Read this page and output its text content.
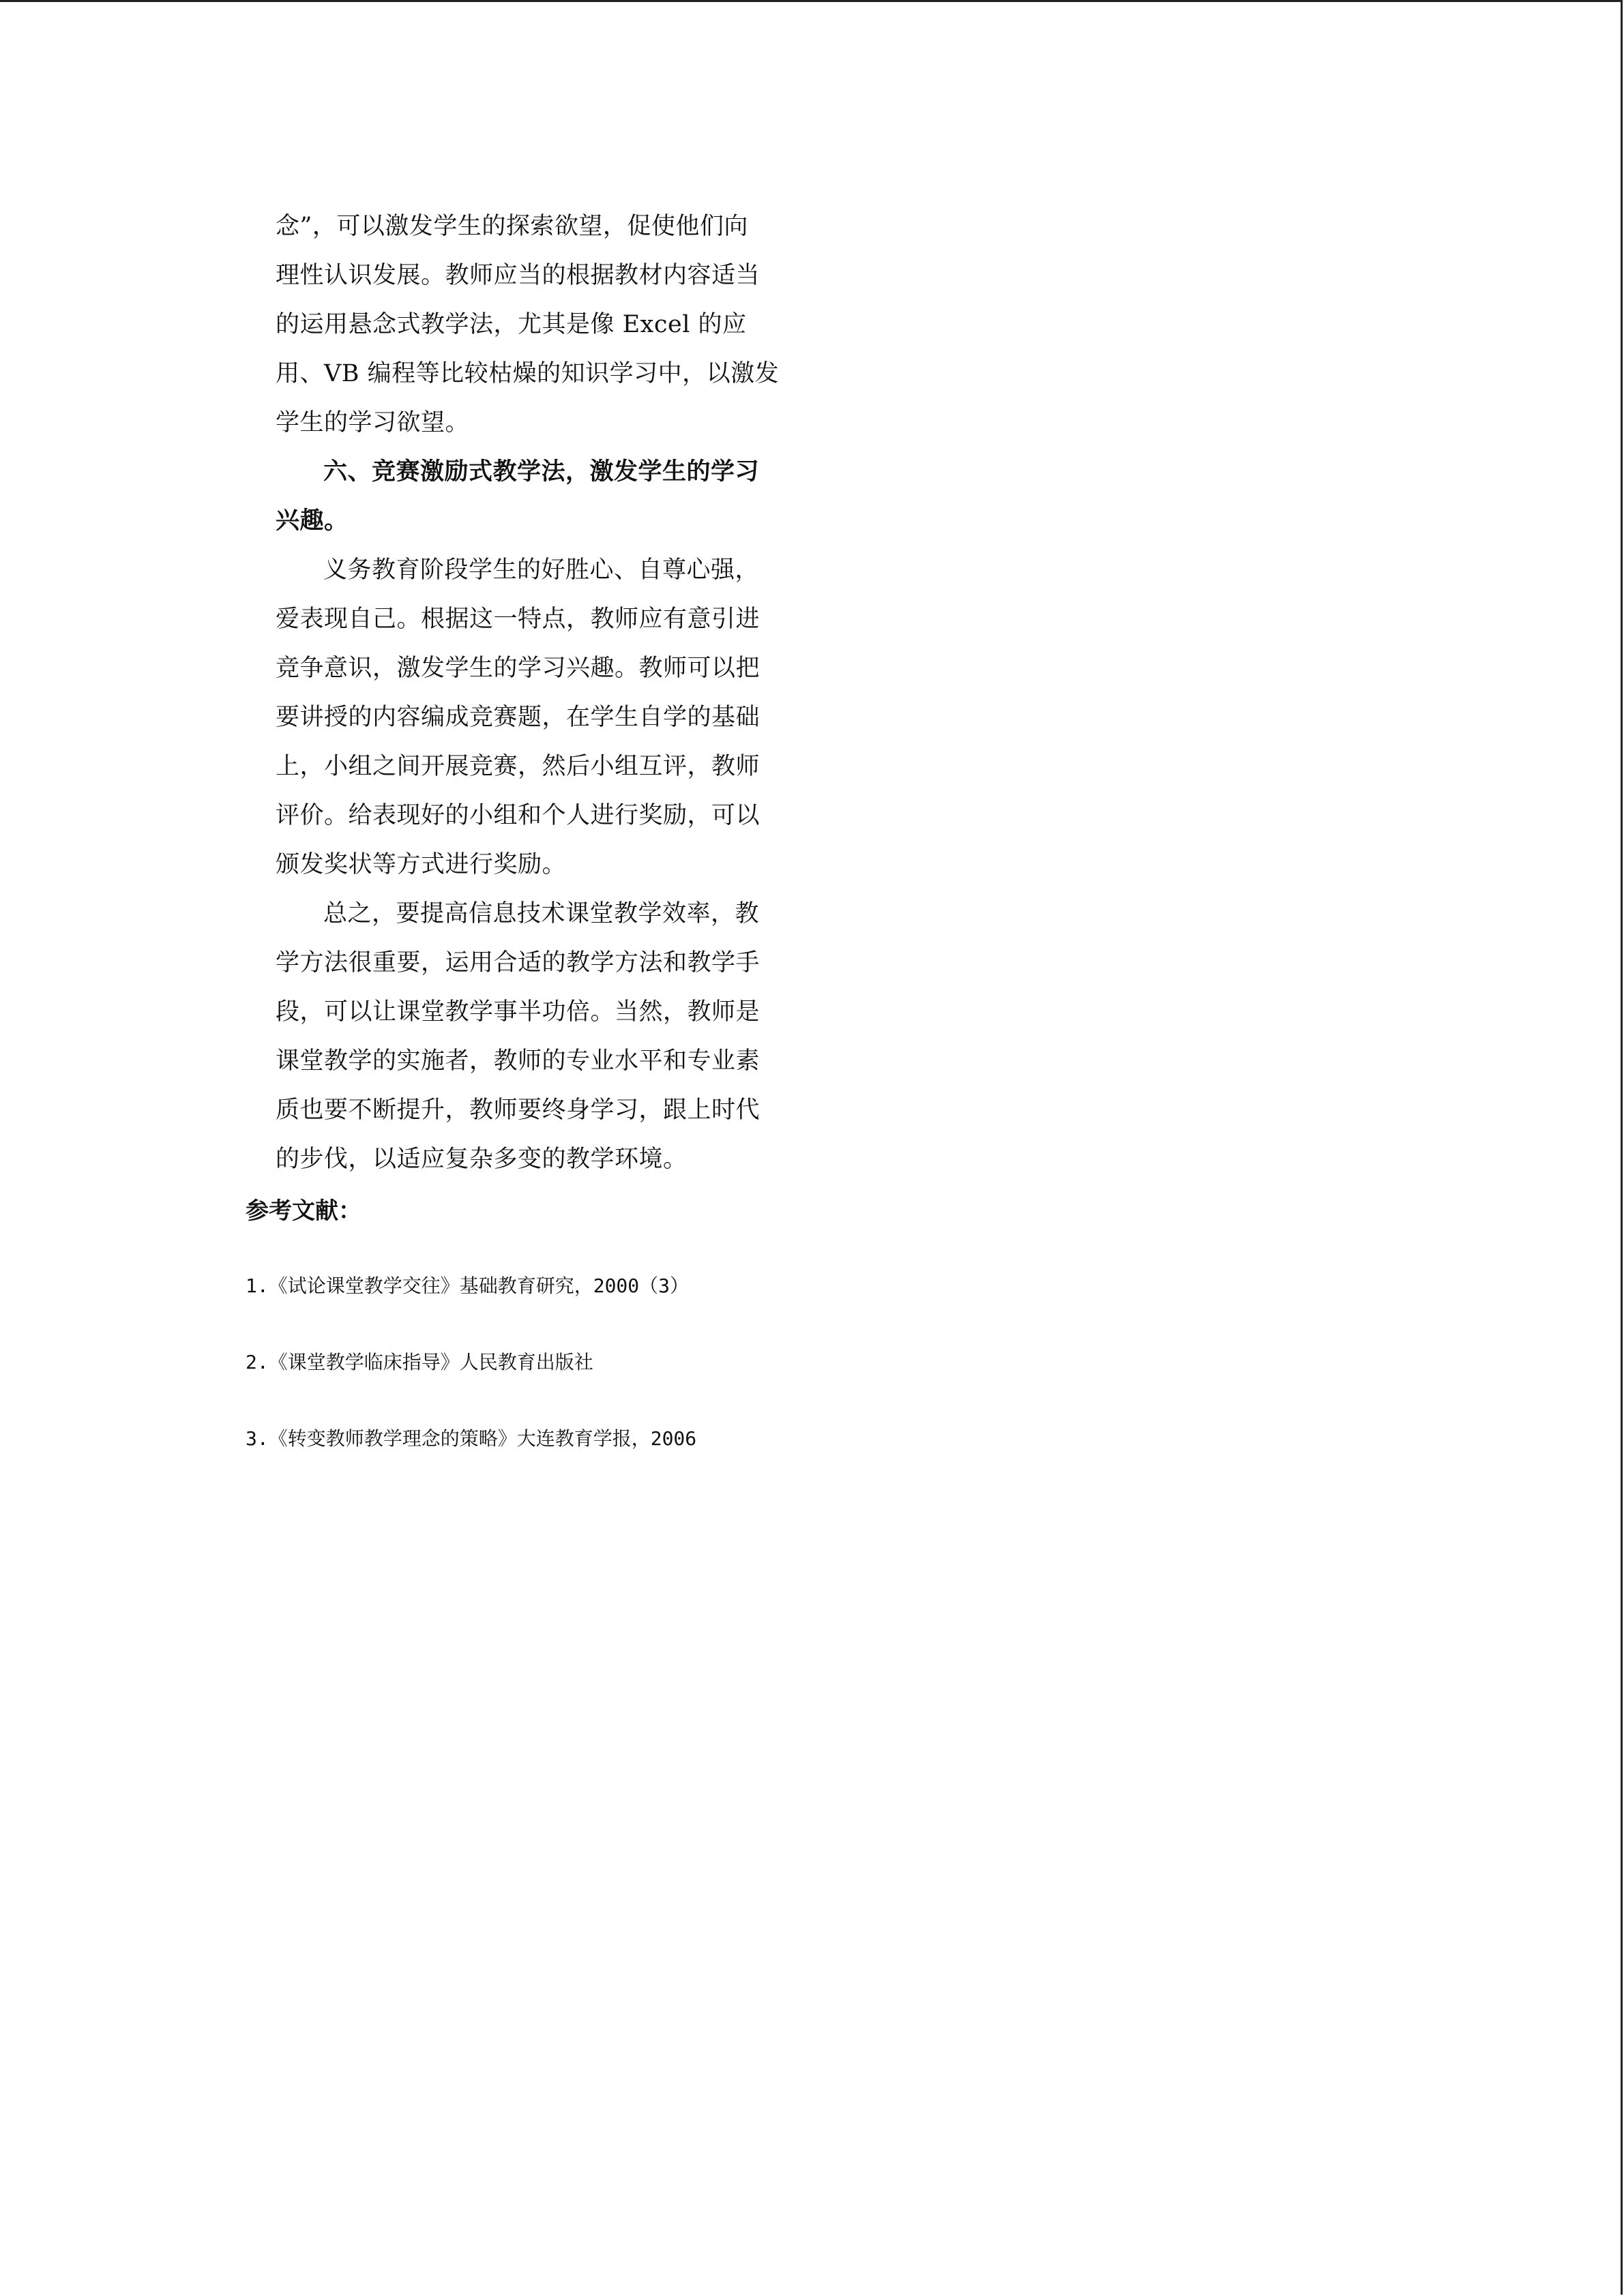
念”，可以激发学生的探索欲望，促使他们向
理性认识发展。教师应当的根据教材内容适当
的运用悬念式教学法，尤其是像 Excel 的应
用、VB 编程等比较枯燥的知识学习中，以激发
学生的学习欲望。
六、竞赛激励式教学法，激发学生的学习
兴趣。
义务教育阶段学生的好胜心、自尊心强，
爱表现自己。根据这一特点，教师应有意引进
竞争意识，激发学生的学习兴趣。教师可以把
要讲授的内容编成竞赛题，在学生自学的基础
上，小组之间开展竞赛，然后小组互评，教师
评价。给表现好的小组和个人进行奖励，可以
颁发奖状等方式进行奖励。
总之，要提高信息技术课堂教学效率，教
学方法很重要，运用合适的教学方法和教学手
段，可以让课堂教学事半功倍。当然，教师是
课堂教学的实施者，教师的专业水平和专业素
质也要不断提升，教师要终身学习，跟上时代
的步伐，以适应复杂多变的教学环境。
参考文献：
1.《试论课堂教学交往》基础教育研究，2000（3）
2.《课堂教学临床指导》人民教育出版社
3.《转变教师教学理念的策略》大连教育学报，2006
